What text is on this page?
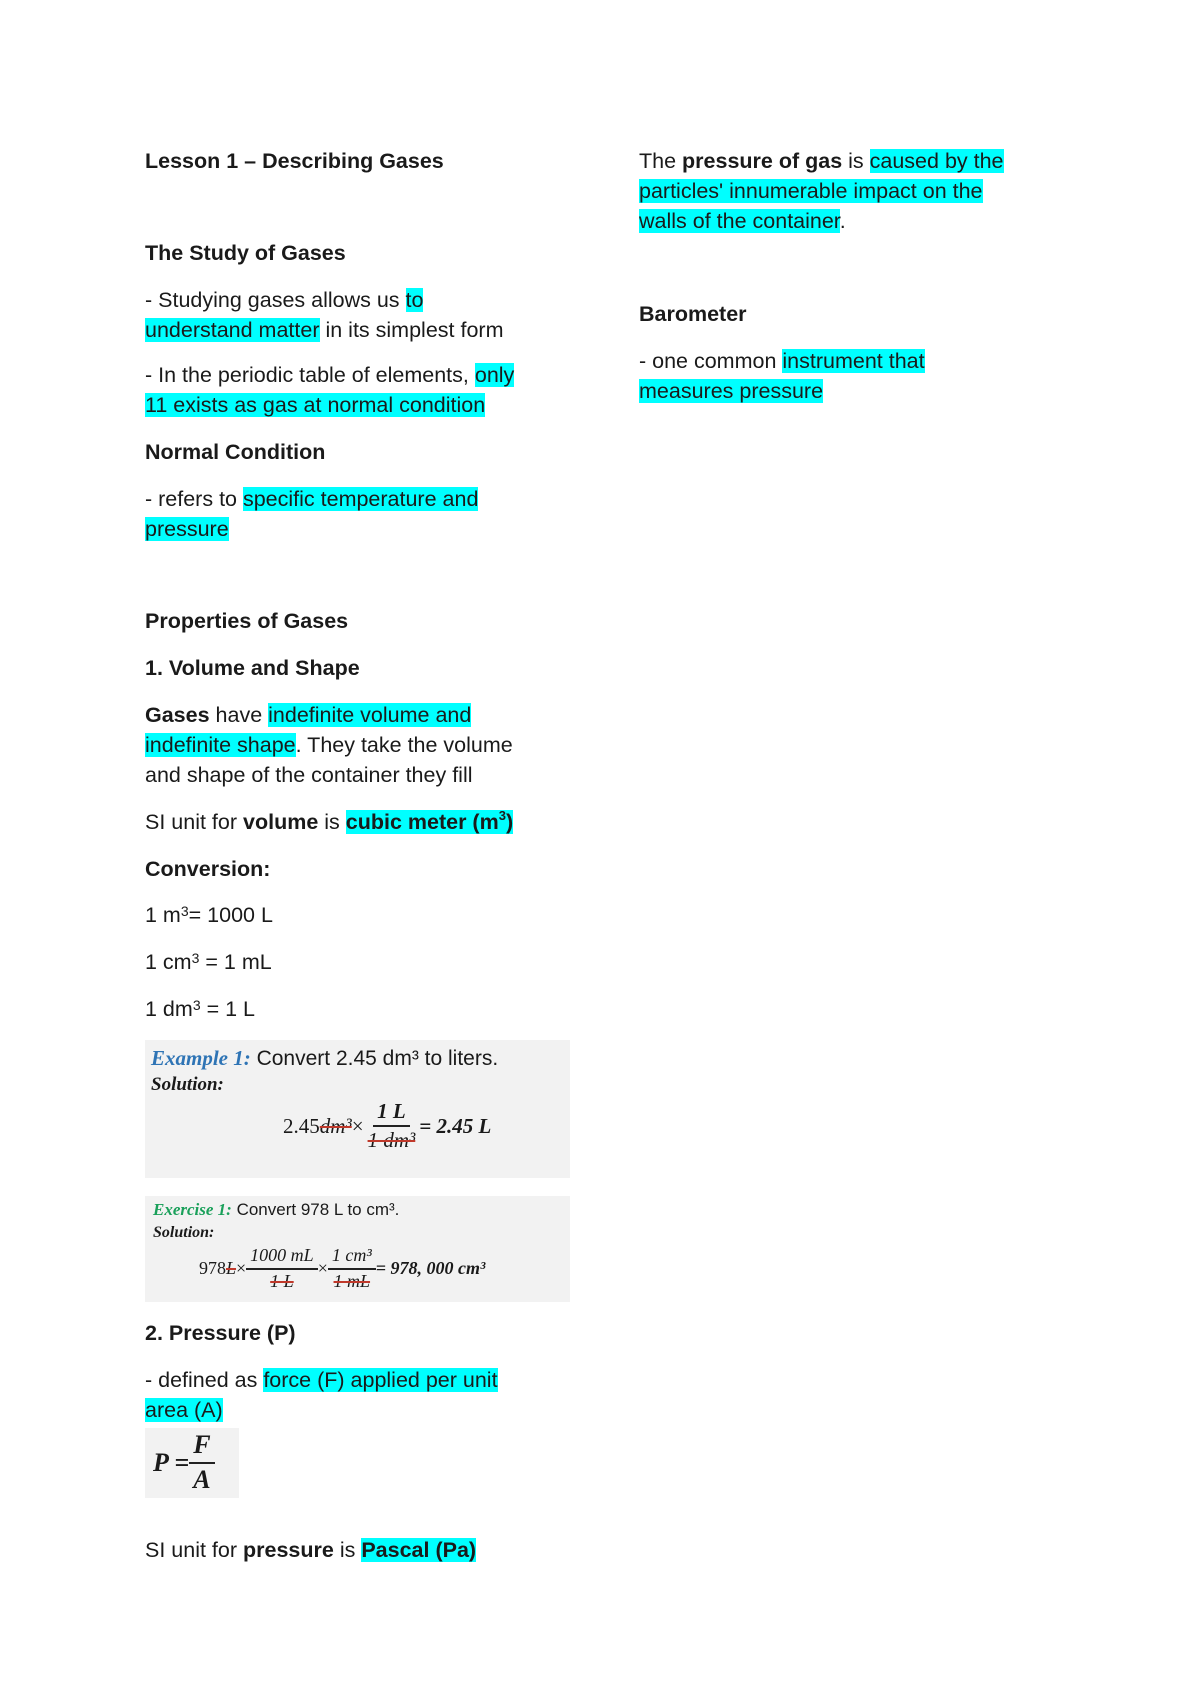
Lesson 1 – Describing Gases

The Study of Gases

- Studying gases allows us to

understand matter in its simplest form

- In the periodic table of elements, only

11 exists as gas at normal condition

Normal Condition

- refers to specific temperature and

pressure

Properties of Gases

1. Volume and Shape

Gases have indefinite volume and

indefinite shape. They take the volume

and shape of the container they fill

SI unit for volume is cubic meter $(m^3)$

Conversion:

1 $m^3= 1000$ L

1 $cm^3 = 1$ mL

1 $dm^3 = 1$ L

Example 1: Convert 2.45 dm³ to liters.
Solution:
2.45 $dm^3 \times \frac{1 L}{\text{1 dm³}} = 2.45$ L
Exercise 1: Convert 978 L to cm³.
Solution:
978 $L \times \frac{1000 mL}{1 L} \times \frac{\text{1 cm³}}{1 mL} = 978$, 000 cm³

2. Pressure (P)

- defined as force (F) applied per unit

area (A)

$P = \frac{F}{A}$

SI unit for pressure is Pascal (Pa)

The pressure of gas is caused by the

particles' innumerable impact on the

walls of the container.

Barometer

- one common instrument that

measures pressure
